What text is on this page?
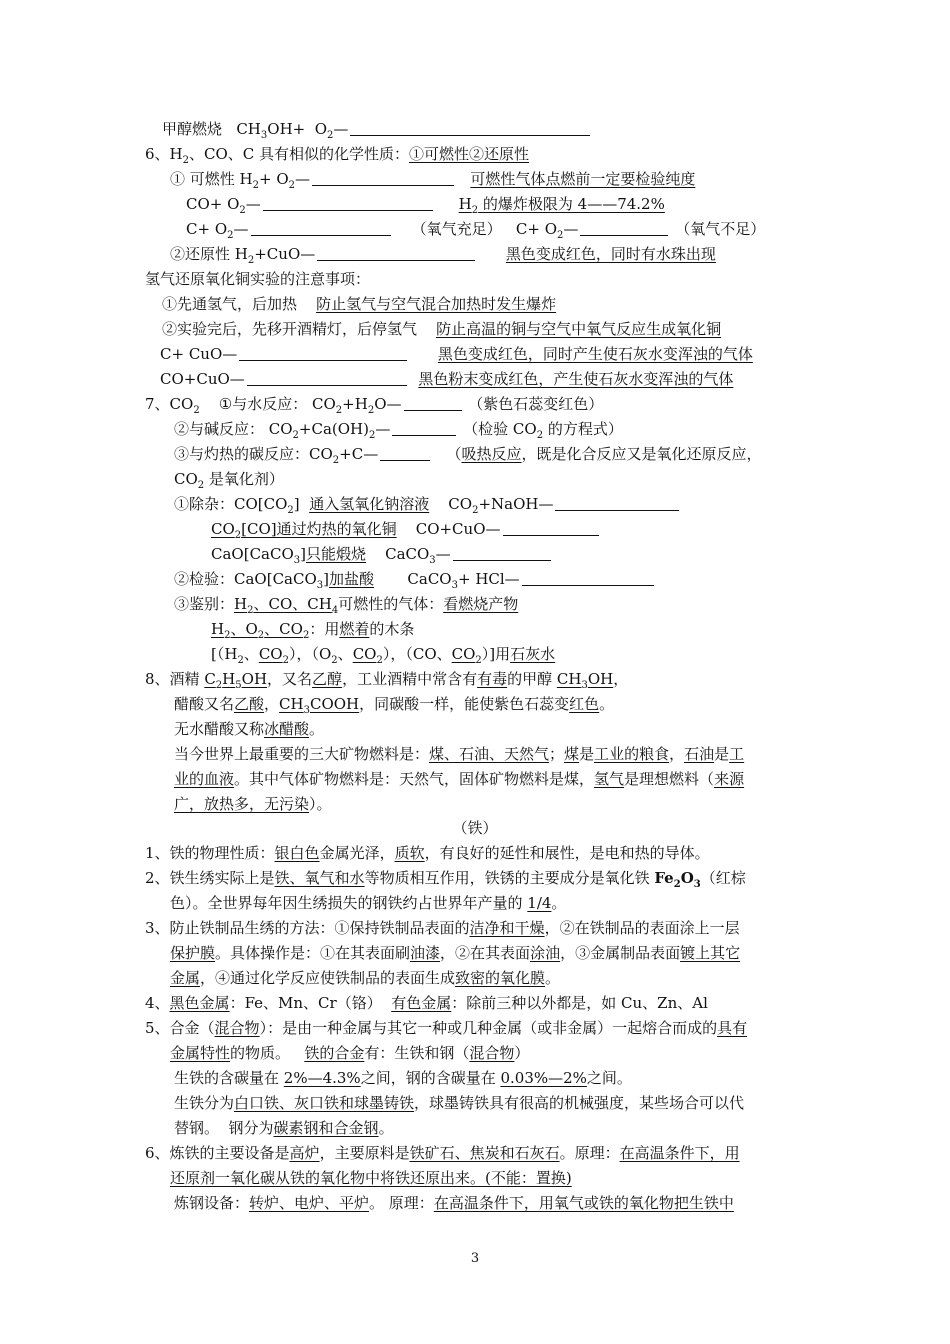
甲醇燃烧 $CH_3OH+$  $O_2—$
6、$H_2$、CO、C 具有相似的化学性质：①可燃性②还原性
① 可燃性 $H_2+$ $O_2—$	可燃性气体点燃前一定要检验纯度
$CO+ O_2—$	$H_2$ 的爆炸极限为 4——74.2%
$C+ O_2—$	（氧气充足） $C+ O_2—$	（氧气不足）
②还原性 $H_2+CuO—$	黑色变成红色，同时有水珠出现
氢气还原氧化铜实验的注意事项：
①先通氢气，后加热 防止氢气与空气混合加热时发生爆炸
②实验完后，先移开酒精灯，后停氢气 防止高温的铜与空气中氧气反应生成氧化铜
C+ CuO—	黑色变成红色，同时产生使石灰水变浑浊的气体
CO+CuO—	黑色粉末变成红色，产生使石灰水变浑浊的气体
7、$CO_2$ ①与水反应： $CO_2+H_2O—$	（紫色石蕊变红色）
②与碱反应： $CO_2+Ca(OH)_2—$	（检验 $CO_2$ 的方程式）
③与灼热的碳反应：$CO_2+C—$	（吸热反应，既是化合反应又是氧化还原反应，
$CO_2$ 是氧化剂）
①除杂：$CO[CO_2]$ 通入氢氧化钠溶液 $CO_2+NaOH—$
$CO_2[CO]$通过灼热的氧化铜 CO+CuO—
CaO[CaCO$_3$]只能煅烧 CaCO$_3$—
②检验：CaO[CaCO$_3$]加盐酸 CaCO$_3$+ HCl—
③鉴别：$H_2$、CO、$CH_4$可燃性的气体：看燃烧产物
$H_2$、$O_2$、$CO_2$：用燃着的木条
[（$H_2$、$CO_2$），（$O_2$、$CO_2$），（CO、$CO_2$）]用石灰水
8、酒精 $C_2H_5OH$，又名乙醇，工业酒精中常含有有毒的甲醇 $CH_3OH$，
醋酸又名乙酸，$CH_3COOH$，同碳酸一样，能使紫色石蕊变红色。
无水醋酸又称冰醋酸。
当今世界上最重要的三大矿物燃料是：煤、石油、天然气；煤是工业的粮食，石油是工
业的血液。其中气体矿物燃料是：天然气，固体矿物燃料是煤，氢气是理想燃料（来源
广，放热多，无污染）。
（铁）
1、铁的物理性质：银白色金属光泽，质软，有良好的延性和展性，是电和热的导体。
2、铁生绣实际上是铁、氧气和水等物质相互作用，铁锈的主要成分是氧化铁 $Fe_2O_3$（红棕
色）。全世界每年因生绣损失的钢铁约占世界年产量的 1/4。
3、防止铁制品生绣的方法：①保持铁制品表面的洁净和干燥，②在铁制品的表面涂上一层
保护膜。具体操作是：①在其表面刷油漆，②在其表面涂油，③金属制品表面镀上其它
金属，④通过化学反应使铁制品的表面生成致密的氧化膜。
4、黑色金属：Fe、Mn、Cr（铬） 有色金属：除前三种以外都是，如 Cu、Zn、Al
5、合金（混合物）：是由一种金属与其它一种或几种金属（或非金属）一起熔合而成的具有
金属特性的物质。 铁的合金有：生铁和钢（混合物）
生铁的含碳量在 2%—4.3%之间，钢的含碳量在 0.03%—2%之间。
生铁分为白口铁、灰口铁和球墨铸铁，球墨铸铁具有很高的机械强度，某些场合可以代
替钢。  钢分为碳素钢和合金钢。
6、炼铁的主要设备是高炉，主要原料是铁矿石、焦炭和石灰石。原理：在高温条件下，用
还原剂一氧化碳从铁的氧化物中将铁还原出来。(不能：置换)
炼钢设备：转炉、电炉、平炉。 原理：在高温条件下，用氧气或铁的氧化物把生铁中
3
